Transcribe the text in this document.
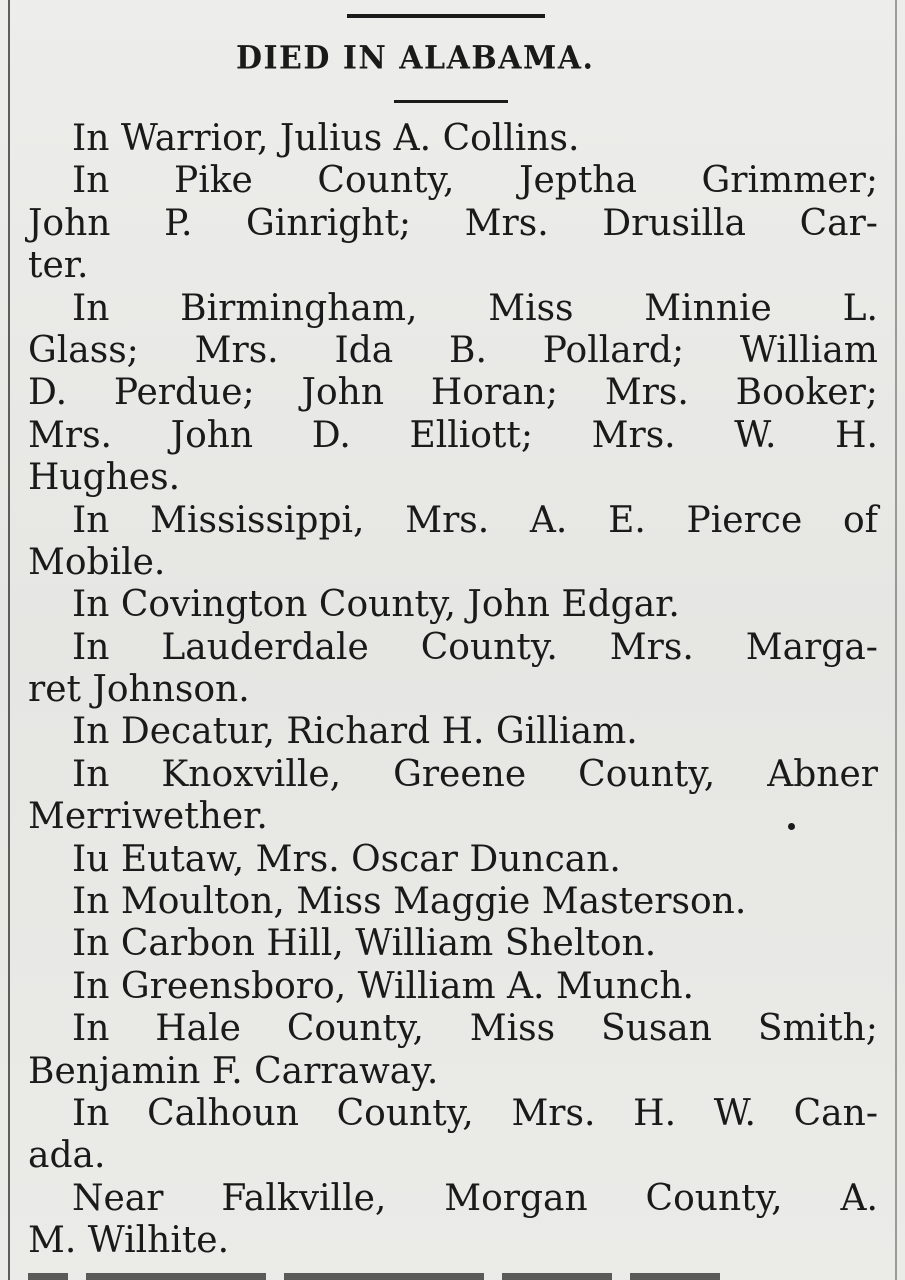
DIED IN ALABAMA.
In Warrior, Julius A. Collins.
In Pike County, Jeptha Grimmer;
John P. Ginright; Mrs. Drusilla Car-
ter.
In Birmingham, Miss Minnie L.
Glass; Mrs. Ida B. Pollard; William
D. Perdue; John Horan; Mrs. Booker;
Mrs. John D. Elliott; Mrs. W. H.
Hughes.
In Mississippi, Mrs. A. E. Pierce of
Mobile.
In Covington County, John Edgar.
In Lauderdale County. Mrs. Marga-
ret Johnson.
In Decatur, Richard H. Gilliam.
In Knoxville, Greene County, Abner
Merriwether.
Iu Eutaw, Mrs. Oscar Duncan.
In Moulton, Miss Maggie Masterson.
In Carbon Hill, William Shelton.
In Greensboro, William A. Munch.
In Hale County, Miss Susan Smith;
Benjamin F. Carraway.
In Calhoun County, Mrs. H. W. Can-
ada.
Near Falkville, Morgan County, A.
M. Wilhite.
